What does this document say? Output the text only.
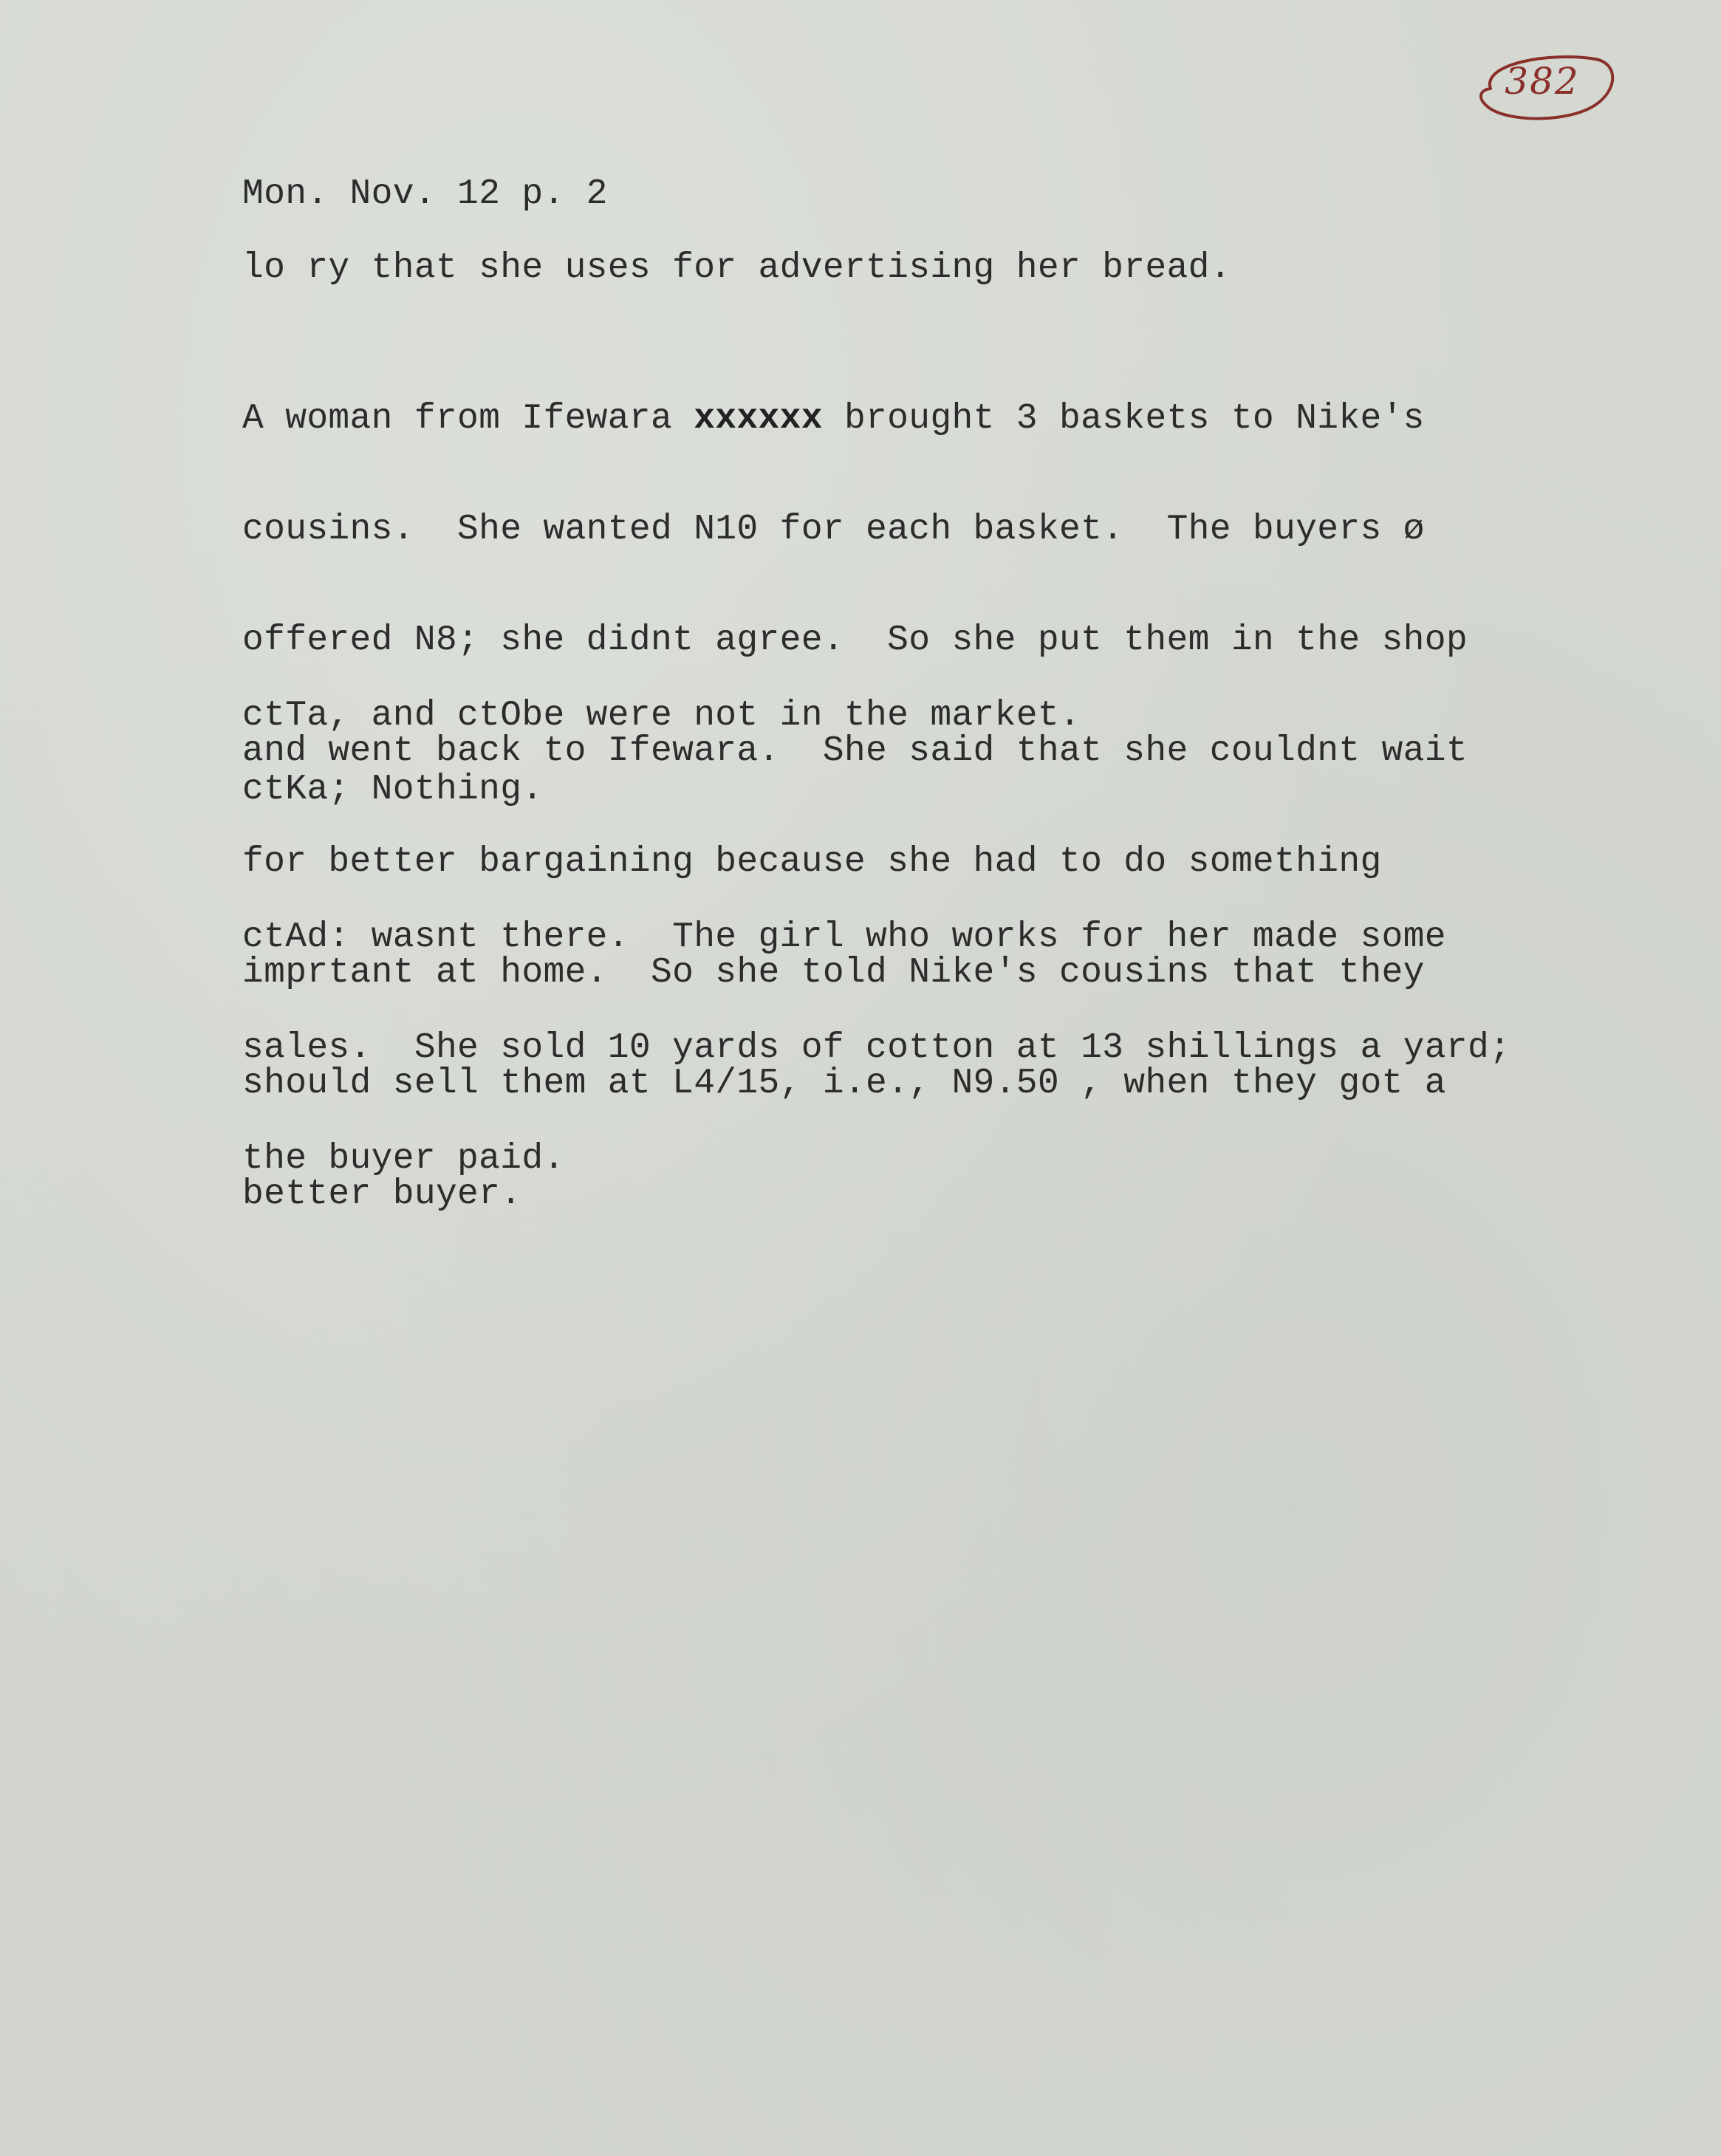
382
Mon. Nov. 12 p. 2
lo ry that she uses for advertising her bread.

A woman from Ifewara xxxxxx brought 3 baskets to Nike's

cousins.  She wanted N10 for each basket.  The buyers ø

offered N8; she didnt agree.  So she put them in the shop

and went back to Ifewara.  She said that she couldnt wait

for better bargaining because she had to do something

imprtant at home.  So she told Nike's cousins that they

should sell them at L4/15, i.e., N9.50 , when they got a

better buyer.

ctTa, and ctObe were not in the market.
ctKa; Nothing.

ctAd: wasnt there.  The girl who works for her made some

sales.  She sold 10 yards of cotton at 13 shillings a yard;

the buyer paid.
